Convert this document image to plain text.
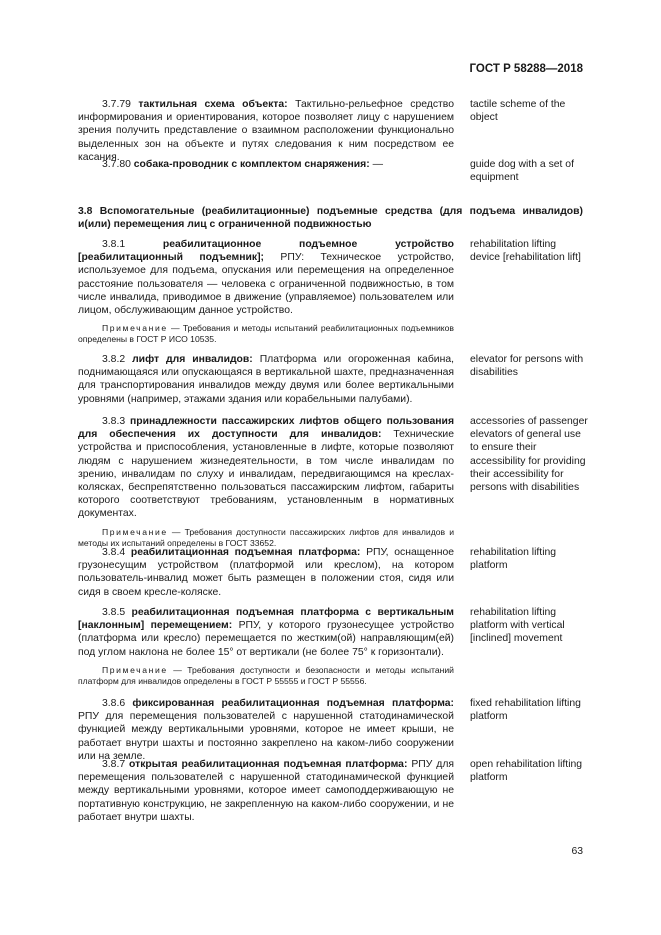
ГОСТ Р 58288—2018

3.7.79 тактильная схема объекта: Тактильно-рельефное средство информирования и ориентирования, которое позволяет лицу с нарушением зрения получить представление о взаимном расположении функционально выделенных зон на объекте и путях следования к ним посредством ее касания.

tactile scheme of the object

3.7.80 собака-проводник с комплектом снаряжения: —	guide dog with a set of equipment

3.8 Вспомогательные (реабилитационные) подъемные средства (для подъема инвалидов) и(или) перемещения лиц с ограниченной подвижностью

3.8.1	реабилитационное подъемное устройство [реабилитационный подъемник]; РПУ: Техническое устройство, используемое для подъема, опускания или перемещения на определенное расстояние пользователя — человека с ограниченной подвижностью, в том числе инвалида, приводимое в движение (управляемое) пользователем или лицом, обслуживающим данное устройство.

Примечание — Требования и методы испытаний реабилитационных подъемников определены в ГОСТ Р ИСО 10535.

rehabilitation lifting device [rehabilitation lift]

3.8.2 лифт для инвалидов: Платформа или огороженная кабина, поднимающаяся или опускающаяся в вертикальной шахте, предназначенная для транспортирования инвалидов между двумя или более вертикальными уровнями (например, этажами здания или корабельными палубами).

elevator for persons with disabilities

3.8.3 принадлежности пассажирских лифтов общего пользования для обеспечения их доступности для инвалидов: Технические устройства и приспособления, установленные в лифте, которые позволяют людям с нарушением жизнедеятельности, в том числе инвалидам по зрению, инвалидам по слуху и инвалидам, передвигающимся на креслах-колясках, беспрепятственно пользоваться пассажирским лифтом, габариты которого соответствуют требованиям, установленным в нормативных документах.

Примечание — Требования доступности пассажирских лифтов для инвалидов и методы их испытаний определены в ГОСТ 33652.

accessories of passenger elevators of general use to ensure their accessibility for providing their accessibility for persons with disabilities

3.8.4 реабилитационная подъемная платформа: РПУ, оснащенное грузонесущим устройством (платформой или креслом), на котором пользователь-инвалид может быть размещен в положении стоя, сидя или сидя в своем кресле-коляске.

rehabilitation lifting platform

3.8.5 реабилитационная подъемная платформа с вертикальным [наклонным] перемещением: РПУ, у которого грузонесущее устройство (платформа или кресло) перемещается по жестким(ой) направляющим(ей) под углом наклона не более 15° от вертикали (не более 75° к горизонтали).

Примечание — Требования доступности и безопасности и методы испытаний платформ для инвалидов определены в ГОСТ Р 55555 и ГОСТ Р 55556.

rehabilitation lifting platform with vertical [inclined] movement

3.8.6 фиксированная реабилитационная подъемная платформа: РПУ для перемещения пользователей с нарушенной статодинамической функцией между вертикальными уровнями, которое не имеет крыши, не работает внутри шахты и постоянно закреплено на каком-либо сооружении или на земле.

fixed rehabilitation lifting platform

3.8.7 открытая реабилитационная подъемная платформа: РПУ для перемещения пользователей с нарушенной статодинамической функцией между вертикальными уровнями, которое имеет самоподдерживающую не портативную конструкцию, не закрепленную на каком-либо сооружении, и не работает внутри шахты.

open rehabilitation lifting platform
63
